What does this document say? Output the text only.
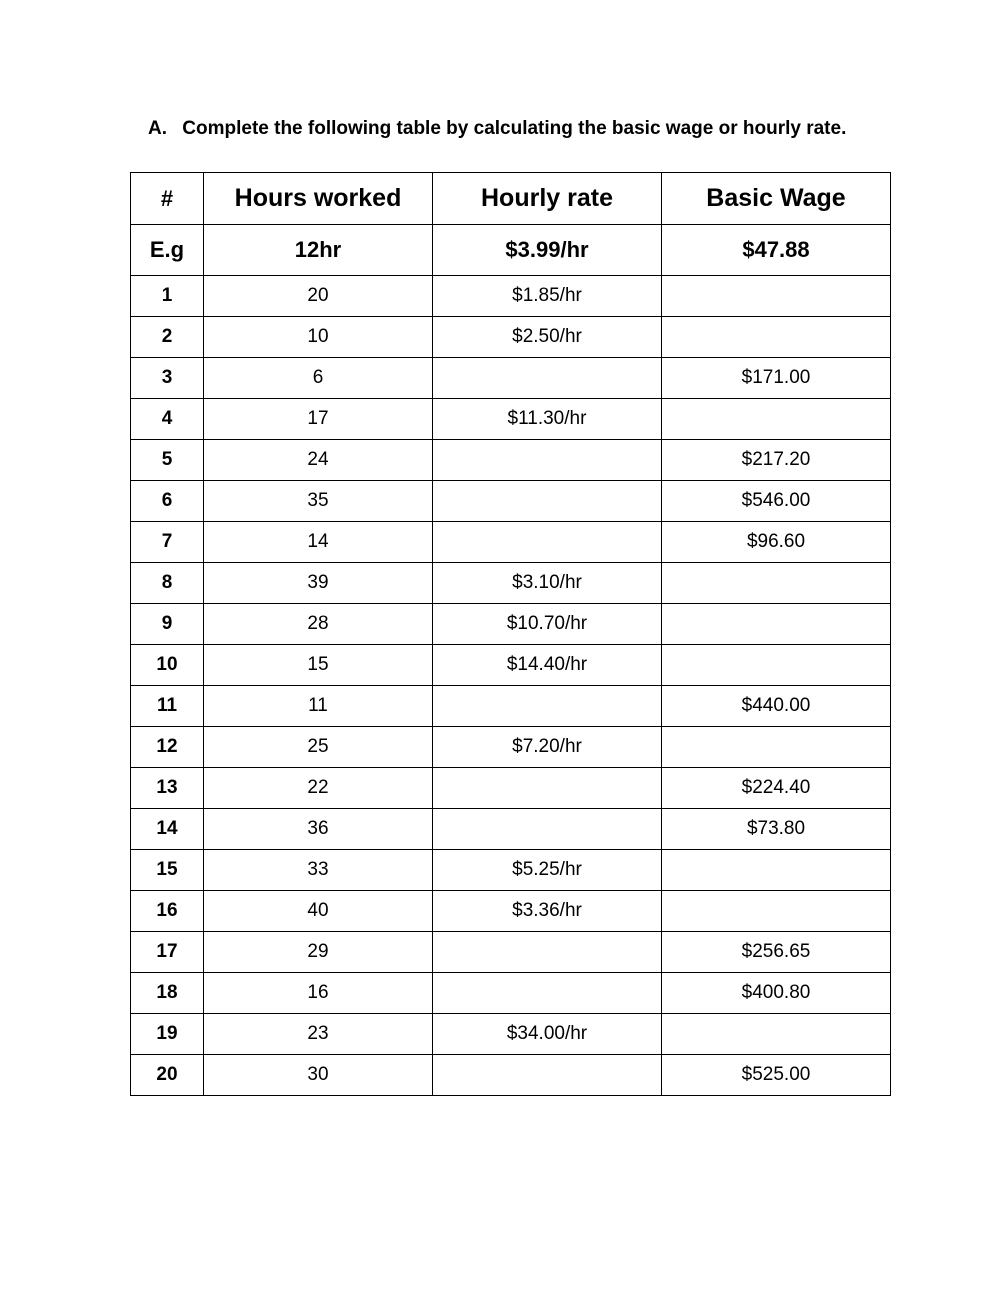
A. Complete the following table by calculating the basic wage or hourly rate.
#	Hours worked	Hourly rate	Basic Wage
E.g	12hr	$3.99/hr	$47.88
1	20	$1.85/hr	
2	10	$2.50/hr	
3	6		$171.00
4	17	$11.30/hr	
5	24		$217.20
6	35		$546.00
7	14		$96.60
8	39	$3.10/hr	
9	28	$10.70/hr	
10	15	$14.40/hr	
11	11		$440.00
12	25	$7.20/hr	
13	22		$224.40
14	36		$73.80
15	33	$5.25/hr	
16	40	$3.36/hr	
17	29		$256.65
18	16		$400.80
19	23	$34.00/hr	
20	30		$525.00
